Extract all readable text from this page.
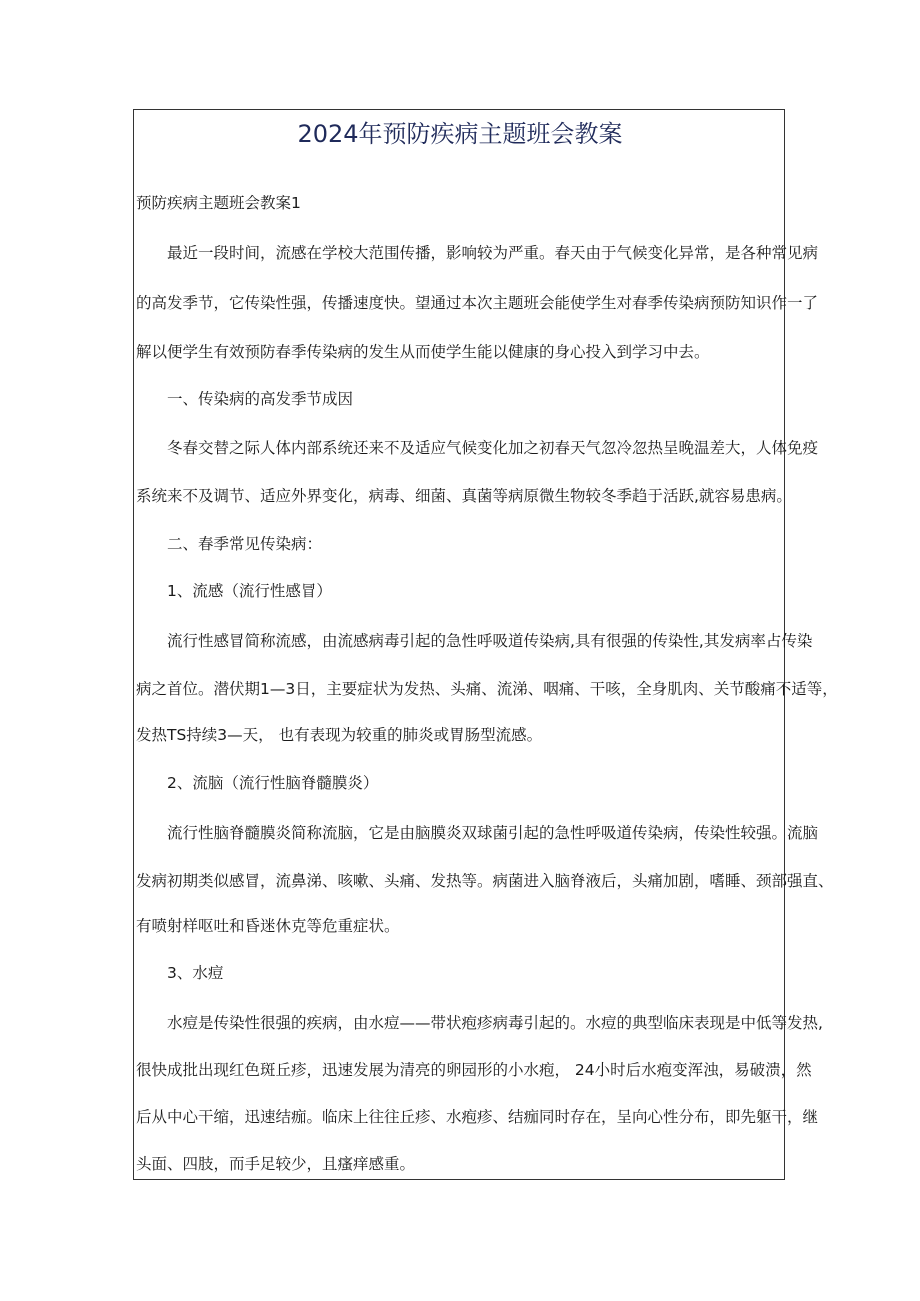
2024年预防疾病主题班会教案
预防疾病主题班会教案1
最近一段时间，流感在学校大范围传播，影响较为严重。春天由于气候变化异常，是各种常见病
的高发季节，它传染性强，传播速度快。望通过本次主题班会能使学生对春季传染病预防知识作一了
解以便学生有效预防春季传染病的发生从而使学生能以健康的身心投入到学习中去。
一、传染病的高发季节成因
冬春交替之际人体内部系统还来不及适应气候变化加之初春天气忽冷忽热呈晚温差大，人体免疫
系统来不及调节、适应外界变化，病毒、细菌、真菌等病原微生物较冬季趋于活跃,就容易患病。
二、春季常见传染病：
1、流感（流行性感冒）
流行性感冒简称流感，由流感病毒引起的急性呼吸道传染病,具有很强的传染性,其发病率占传染
病之首位。潜伏期1—3日，主要症状为发热、头痛、流涕、咽痛、干咳，全身肌肉、关节酸痛不适等，
发热TS持续3—天， 也有表现为较重的肺炎或胃肠型流感。
2、流脑（流行性脑脊髓膜炎）
流行性脑脊髓膜炎简称流脑，它是由脑膜炎双球菌引起的急性呼吸道传染病，传染性较强。流脑
发病初期类似感冒，流鼻涕、咳嗽、头痛、发热等。病菌进入脑脊液后，头痛加剧，嗜睡、颈部强直、
有喷射样呕吐和昏迷休克等危重症状。
3、水痘
水痘是传染性很强的疾病，由水痘——带状疱疹病毒引起的。水痘的典型临床表现是中低等发热,
很快成批出现红色斑丘疹，迅速发展为清亮的卵园形的小水疱， 24小时后水疱变浑浊，易破溃，然
后从中心干缩，迅速结痂。临床上往往丘疹、水疱疹、结痂同时存在，呈向心性分布，即先躯干，继
头面、四肢，而手足较少，且瘙痒感重。
